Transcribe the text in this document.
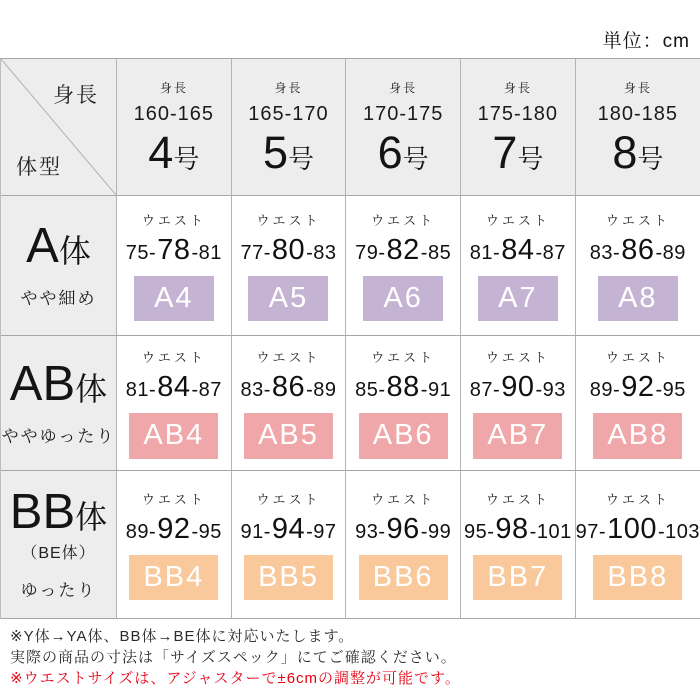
単位：cm
身長
体型
身長
160-165
4 号
身長
165-170
5 号
身長
170-175
6 号
身長
175-180
7 号
身長
180-185
8 号
A 体
やや細め
ウエスト
75- 78 -81
A4
ウエスト
77- 80 -83
A5
ウエスト
79- 82 -85
A6
ウエスト
81- 84 -87
A7
ウエスト
83- 86 -89
A8
AB 体
ややゆったり
ウエスト
81- 84 -87
AB4
ウエスト
83- 86 -89
AB5
ウエスト
85- 88 -91
AB6
ウエスト
87- 90 -93
AB7
ウエスト
89- 92 -95
AB8
BB 体
（BE体）
ゆったり
ウエスト
89- 92 -95
BB4
ウエスト
91- 94 -97
BB5
ウエスト
93- 96 -99
BB6
ウエスト
95- 98 -101
BB7
ウエスト
97- 100 -103
BB8
※Y体→YA体、BB体→BE体に対応いたします。
実際の商品の寸法は「サイズスペック」にてご確認ください。
※ウエストサイズは、アジャスターで±6cmの調整が可能です。
